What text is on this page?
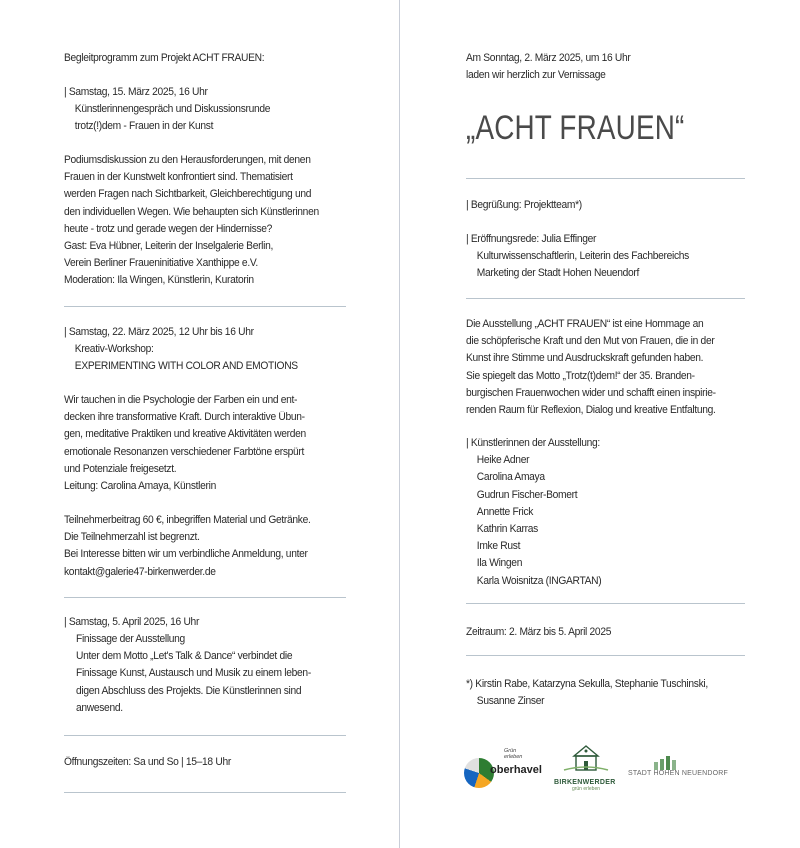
Begleitprogramm zum Projekt ACHT FRAUEN:
| Samstag, 15. März 2025, 16 Uhr
Künstlerinnengespräch und Diskussionsrunde
trotz(!)dem - Frauen in der Kunst
Podiumsdiskussion zu den Herausforderungen, mit denen
Frauen in der Kunstwelt konfrontiert sind. Thematisiert
werden Fragen nach Sichtbarkeit, Gleichberechtigung und
den individuellen Wegen. Wie behaupten sich Künstlerinnen
heute - trotz und gerade wegen der Hindernisse?
Gast: Eva Hübner, Leiterin der Inselgalerie Berlin,
Verein Berliner Fraueninitiative Xanthippe e.V.
Moderation: Ila Wingen, Künstlerin, Kuratorin
| Samstag, 22. März 2025, 12 Uhr bis 16 Uhr
Kreativ-Workshop:
EXPERIMENTING WITH COLOR AND EMOTIONS
Wir tauchen in die Psychologie der Farben ein und ent-
decken ihre transformative Kraft. Durch interaktive Übun-
gen, meditative Praktiken und kreative Aktivitäten werden
emotionale Resonanzen verschiedener Farbtöne erspürt
und Potenziale freigesetzt.
Leitung: Carolina Amaya, Künstlerin
Teilnehmerbeitrag 60 €, inbegriffen Material und Getränke.
Die Teilnehmerzahl ist begrenzt.
Bei Interesse bitten wir um verbindliche Anmeldung, unter
kontakt@galerie47-birkenwerder.de
| Samstag, 5. April 2025, 16 Uhr
Finissage der Ausstellung
Unter dem Motto „Let's Talk & Dance“ verbindet die
Finissage Kunst, Austausch und Musik zu einem leben-
digen Abschluss des Projekts. Die Künstlerinnen sind
anwesend.
Öffnungszeiten: Sa und So | 15–18 Uhr
Am Sonntag, 2. März 2025, um 16 Uhr
laden wir herzlich zur Vernissage
„ACHT FRAUEN“
| Begrüßung: Projektteam*)
| Eröffnungsrede: Julia Effinger
Kulturwissenschaftlerin, Leiterin des Fachbereichs
Marketing der Stadt Hohen Neuendorf
Die Ausstellung „ACHT FRAUEN“ ist eine Hommage an
die schöpferische Kraft und den Mut von Frauen, die in der
Kunst ihre Stimme und Ausdruckskraft gefunden haben.
Sie spiegelt das Motto „Trotz(t)dem!“ der 35. Branden-
burgischen Frauenwochen wider und schafft einen inspirie-
renden Raum für Reflexion, Dialog und kreative Entfaltung.
| Künstlerinnen der Ausstellung:
Heike Adner
Carolina Amaya
Gudrun Fischer-Bomert
Annette Frick
Kathrin Karras
Imke Rust
Ila Wingen
Karla Woisnitza (INGARTAN)
Zeitraum: 2. März bis 5. April 2025
*) Kirstin Rabe, Katarzyna Sekulla, Stephanie Tuschinski,
Susanne Zinser
Grün erleben
oberhavel
BIRKENWERDER
grün erleben
STADT HOHEN NEUENDORF
